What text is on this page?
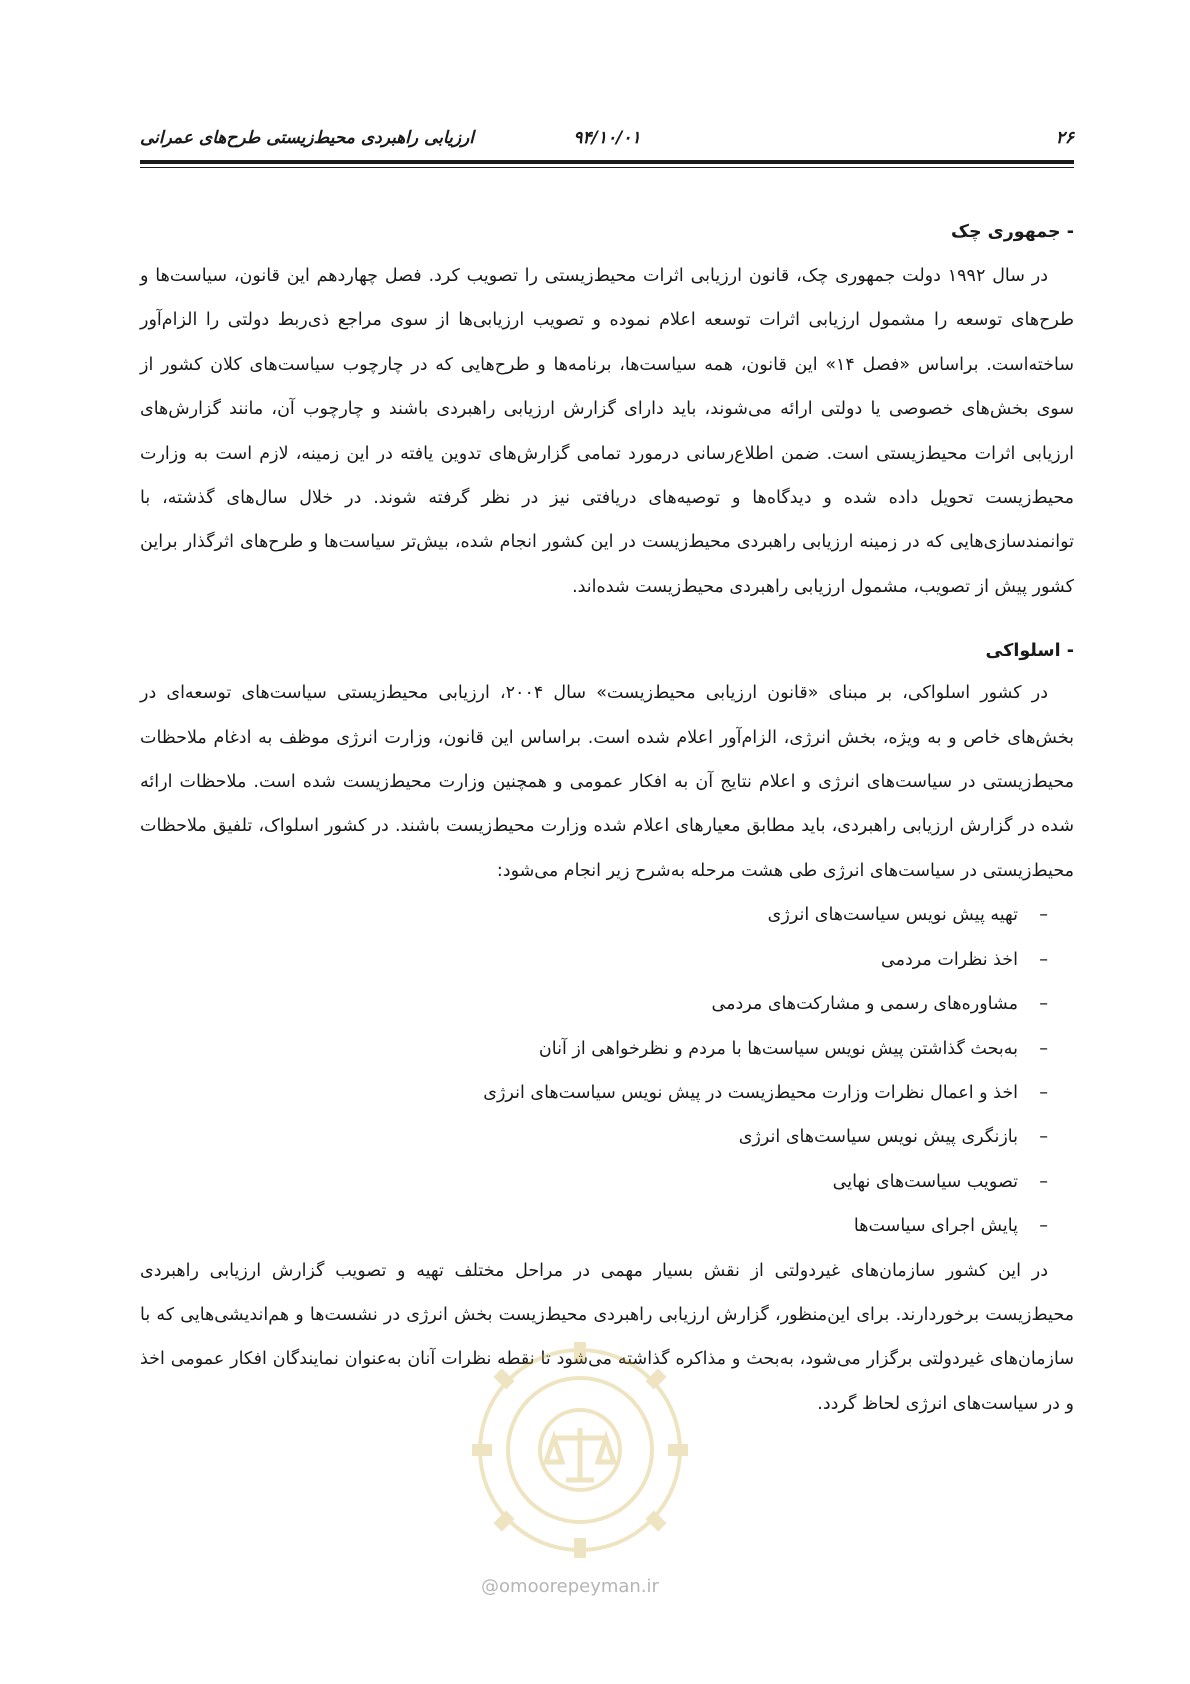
۲۶
۹۴/۱۰/۰۱
ارزیابی راهبردی محیط‌زیستی طرح‌های عمرانی

- جمهوری چک

در سال ۱۹۹۲ دولت جمهوری چک، قانون ارزیابی اثرات محیط‌زیستی را تصویب کرد. فصل چهاردهم این قانون، سیاست‌ها و طرح‌های توسعه را مشمول ارزیابی اثرات توسعه اعلام نموده و تصویب ارزیابی‌ها از سوی مراجع ذی‌ربط دولتی را الزام‌آور ساخته‌است. براساس «فصل ۱۴» این قانون، همه سیاست‌ها، برنامه‌ها و طرح‌هایی که در چارچوب سیاست‌های کلان کشور از سوی بخش‌های خصوصی یا دولتی ارائه می‌شوند، باید دارای گزارش ارزیابی راهبردی باشند و چارچوب آن، مانند گزارش‌های ارزیابی اثرات محیط‌زیستی است. ضمن اطلاع‌رسانی درمورد تمامی گزارش‌های تدوین یافته در این زمینه، لازم است به وزارت محیط‌زیست تحویل داده شده و دیدگاه‌ها و توصیه‌های دریافتی نیز در نظر گرفته شوند. در خلال سال‌های گذشته، با توانمندسازی‌هایی که در زمینه ارزیابی راهبردی محیط‌زیست در این کشور انجام شده، بیش‌تر سیاست‌ها و طرح‌های اثرگذار براین کشور پیش از تصویب، مشمول ارزیابی راهبردی محیط‌زیست شده‌اند.

- اسلواکی

در کشور اسلواکی، بر مبنای «قانون ارزیابی محیط‌زیست» سال ۲۰۰۴، ارزیابی محیط‌زیستی سیاست‌های توسعه‌ای در بخش‌های خاص و به ویژه، بخش انرژی، الزام‌آور اعلام شده است. براساس این قانون، وزارت انرژی موظف به ادغام ملاحظات محیط‌زیستی در سیاست‌های انرژی و اعلام نتایج آن به افکار عمومی و همچنین وزارت محیط‌زیست شده است. ملاحظات ارائه شده در گزارش ارزیابی راهبردی، باید مطابق معیارهای اعلام شده وزارت محیط‌زیست باشند. در کشور اسلواک، تلفیق ملاحظات محیط‌زیستی در سیاست‌های انرژی طی هشت مرحله به‌شرح زیر انجام می‌شود:

–تهیه پیش نویس سیاست‌های انرژی
–اخذ نظرات مردمی
–مشاوره‌های رسمی و مشارکت‌های مردمی
–به‌بحث گذاشتن پیش نویس سیاست‌ها با مردم و نظرخواهی از آنان
–اخذ و اعمال نظرات وزارت محیط‌زیست در پیش نویس سیاست‌های انرژی
–بازنگری پیش نویس سیاست‌های انرژی
–تصویب سیاست‌های نهایی
–پایش اجرای سیاست‌ها

در این کشور سازمان‌های غیردولتی از نقش بسیار مهمی در مراحل مختلف تهیه و تصویب گزارش ارزیابی راهبردی محیط‌زیست برخوردارند. برای این‌منظور، گزارش ارزیابی راهبردی محیط‌زیست بخش انرژی در نشست‌ها و هم‌اندیشی‌هایی که با سازمان‌های غیردولتی برگزار می‌شود، به‌بحث و مذاکره گذاشته می‌شود تا نقطه نظرات آنان به‌عنوان نمایندگان افکار عمومی اخذ و در سیاست‌های انرژی لحاظ گردد.

@omoorepeyman.ir
